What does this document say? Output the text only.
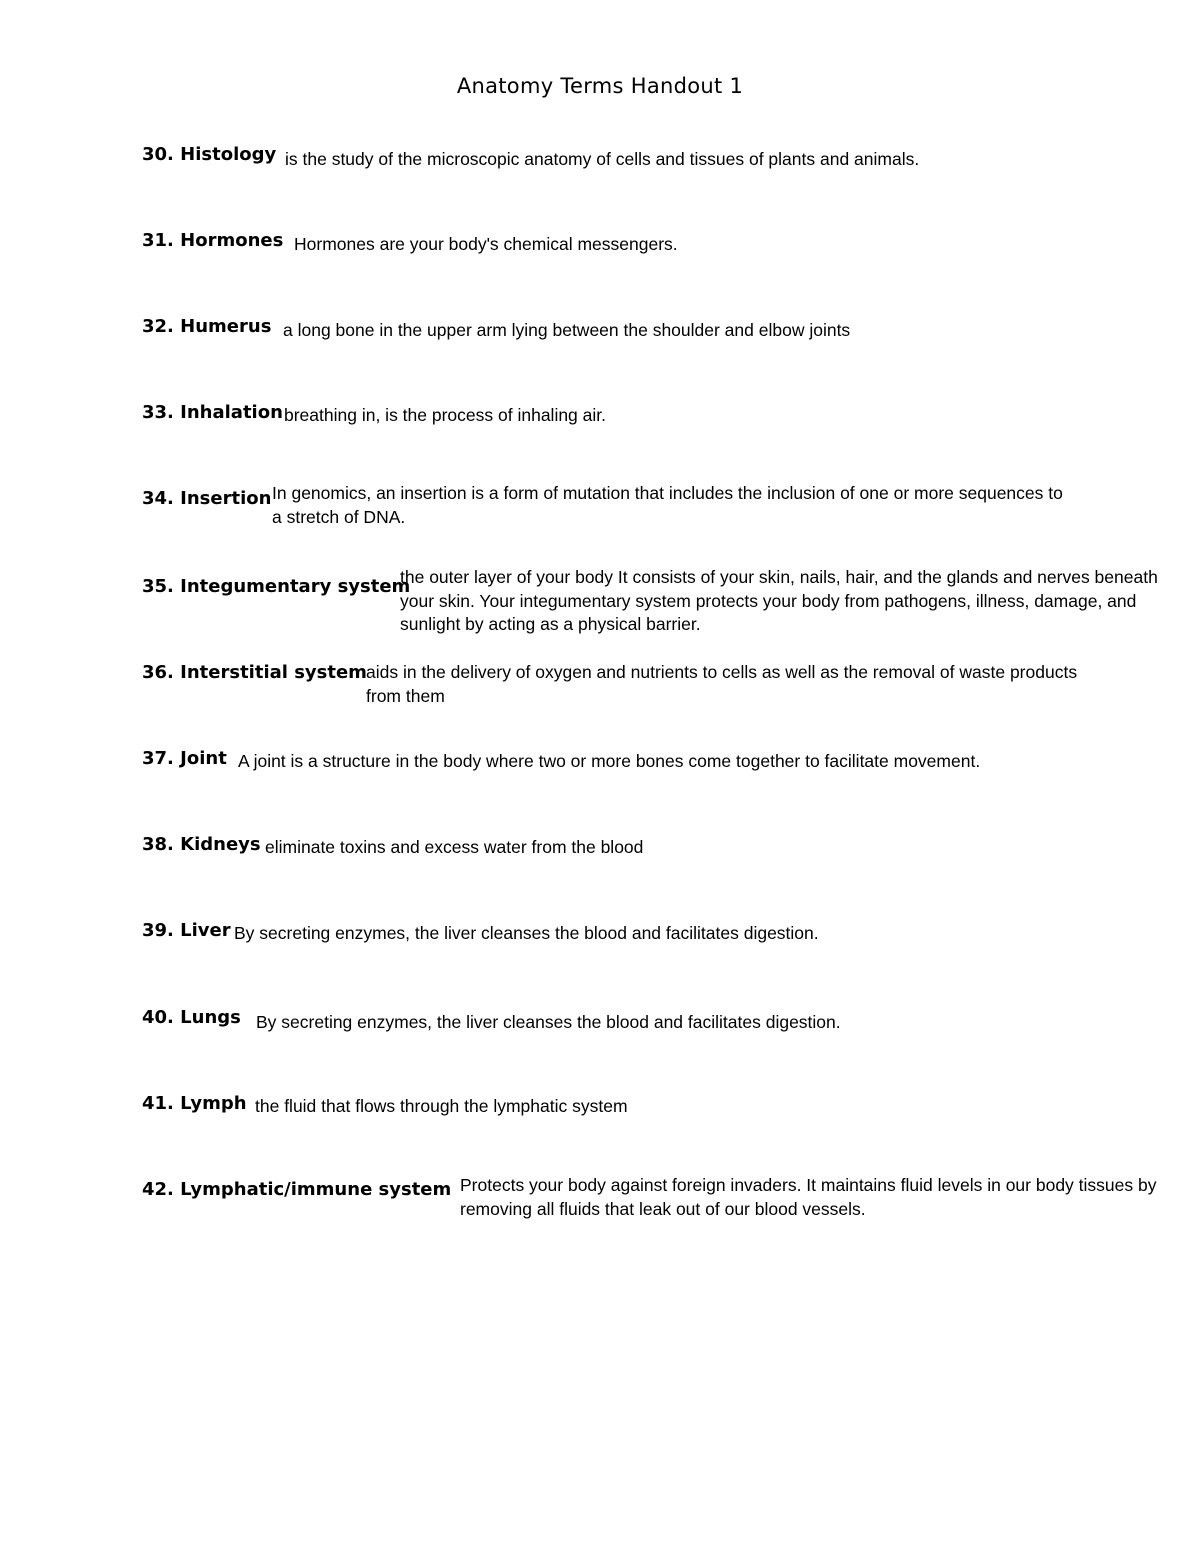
Anatomy Terms Handout 1
30. Histology is the study of the microscopic anatomy of cells and tissues of plants and animals.
31. Hormones Hormones are your body's chemical messengers.
32. Humerus a long bone in the upper arm lying between the shoulder and elbow joints
33. Inhalation breathing in, is the process of inhaling air.
34. Insertion In genomics, an insertion is a form of mutation that includes the inclusion of one or more sequences to a stretch of DNA.
35. Integumentary system
the outer layer of your body It consists of your skin, nails, hair, and the glands and nerves beneath your skin. Your integumentary system protects your body from pathogens, illness, damage, and sunlight by acting as a physical barrier.
36. Interstitial system aids in the delivery of oxygen and nutrients to cells as well as the removal of waste products from them
37. Joint A joint is a structure in the body where two or more bones come together to facilitate movement.
38. Kidneys eliminate toxins and excess water from the blood
39. Liver By secreting enzymes, the liver cleanses the blood and facilitates digestion.
40. Lungs By secreting enzymes, the liver cleanses the blood and facilitates digestion.
41. Lymph the fluid that flows through the lymphatic system
42. Lymphatic/immune system Protects your body against foreign invaders. It maintains fluid levels in our body tissues by removing all fluids that leak out of our blood vessels.
